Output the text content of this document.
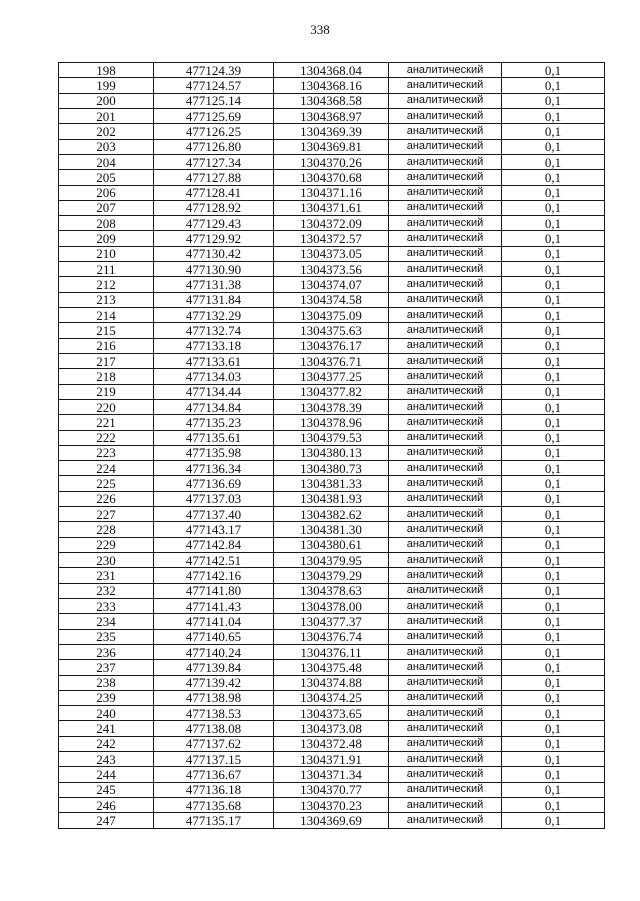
338
198	477124.39	1304368.04	аналитический	0,1
199	477124.57	1304368.16	аналитический	0,1
200	477125.14	1304368.58	аналитический	0,1
201	477125.69	1304368.97	аналитический	0,1
202	477126.25	1304369.39	аналитический	0,1
203	477126.80	1304369.81	аналитический	0,1
204	477127.34	1304370.26	аналитический	0,1
205	477127.88	1304370.68	аналитический	0,1
206	477128.41	1304371.16	аналитический	0,1
207	477128.92	1304371.61	аналитический	0,1
208	477129.43	1304372.09	аналитический	0,1
209	477129.92	1304372.57	аналитический	0,1
210	477130.42	1304373.05	аналитический	0,1
211	477130.90	1304373.56	аналитический	0,1
212	477131.38	1304374.07	аналитический	0,1
213	477131.84	1304374.58	аналитический	0,1
214	477132.29	1304375.09	аналитический	0,1
215	477132.74	1304375.63	аналитический	0,1
216	477133.18	1304376.17	аналитический	0,1
217	477133.61	1304376.71	аналитический	0,1
218	477134.03	1304377.25	аналитический	0,1
219	477134.44	1304377.82	аналитический	0,1
220	477134.84	1304378.39	аналитический	0,1
221	477135.23	1304378.96	аналитический	0,1
222	477135.61	1304379.53	аналитический	0,1
223	477135.98	1304380.13	аналитический	0,1
224	477136.34	1304380.73	аналитический	0,1
225	477136.69	1304381.33	аналитический	0,1
226	477137.03	1304381.93	аналитический	0,1
227	477137.40	1304382.62	аналитический	0,1
228	477143.17	1304381.30	аналитический	0,1
229	477142.84	1304380.61	аналитический	0,1
230	477142.51	1304379.95	аналитический	0,1
231	477142.16	1304379.29	аналитический	0,1
232	477141.80	1304378.63	аналитический	0,1
233	477141.43	1304378.00	аналитический	0,1
234	477141.04	1304377.37	аналитический	0,1
235	477140.65	1304376.74	аналитический	0,1
236	477140.24	1304376.11	аналитический	0,1
237	477139.84	1304375.48	аналитический	0,1
238	477139.42	1304374.88	аналитический	0,1
239	477138.98	1304374.25	аналитический	0,1
240	477138.53	1304373.65	аналитический	0,1
241	477138.08	1304373.08	аналитический	0,1
242	477137.62	1304372.48	аналитический	0,1
243	477137.15	1304371.91	аналитический	0,1
244	477136.67	1304371.34	аналитический	0,1
245	477136.18	1304370.77	аналитический	0,1
246	477135.68	1304370.23	аналитический	0,1
247	477135.17	1304369.69	аналитический	0,1
